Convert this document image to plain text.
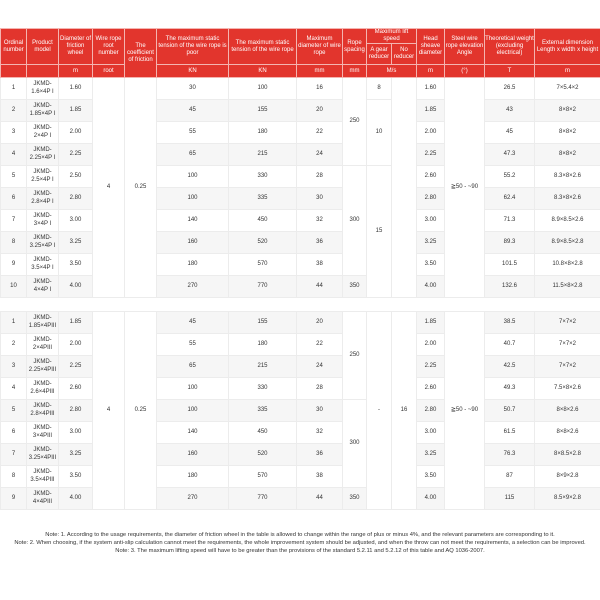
Ordinal number	Product model	Diameter of friction wheel	Wire rope root number	The coefficient of friction	The maximum static tension of the wire rope is poor	The maximum static tension of the wire rope	Maximum diameter of wire rope	Rope spacing	Maximum lift speed		Head sheave diameter	Steel wire rope elevation Angle	Theoretical weight (excluding electrical)	External dimension Length x width x height
									A gear reducer	No reducer				
		m	root		KN	KN	mm	mm	M/s		m	(°)	T	m
1	JKMD-1.6×4P I	1.60	4	0.25	30	100	16	250	8		1.60	≧50 - ~90	26.5	7×5.4×2
2	JKMD-1.85×4P I	1.85			45	155	20		10		1.85		43	8×8×2
3	JKMD-2×4P I	2.00			55	180	22				2.00		45	8×8×2
4	JKMD-2.25×4P I	2.25			65	215	24				2.25		47.3	8×8×2
5	JKMD-2.5×4P I	2.50			100	330	28	300	15		2.60		55.2	8.3×8×2.6
6	JKMD-2.8×4P I	2.80			100	335	30				2.80		62.4	8.3×8×2.6
7	JKMD-3×4P I	3.00			140	450	32				3.00		71.3	8.9×8.5×2.6
8	JKMD-3.25×4P I	3.25			160	520	36				3.25		89.3	8.9×8.5×2.8
9	JKMD-3.5×4P I	3.50			180	570	38				3.50		101.5	10.8×8×2.8
10	JKMD-4×4P I	4.00			270	770	44	350			4.00		132.6	11.5×8×2.8

1	JKMD-1.85×4PIII	1.85	4	0.25	45	155	20	250	-	16	1.85	≧50 - ~90	38.5	7×7×2
2	JKMD-2×4PIII	2.00			55	180	22				2.00		40.7	7×7×2
3	JKMD-2.25×4PIII	2.25			65	215	24				2.25		42.5	7×7×2
4	JKMD-2.6×4PIII	2.60			100	330	28				2.60		49.3	7.5×8×2.6
5	JKMD-2.8×4PIII	2.80			100	335	30	300			2.80		50.7	8×8×2.6
6	JKMD-3×4PIII	3.00			140	450	32				3.00		61.5	8×8×2.6
7	JKMD-3.25×4PIII	3.25			160	520	36				3.25		76.3	8×8.5×2.8
8	JKMD-3.5×4PIII	3.50			180	570	38				3.50		87	8×9×2.8
9	JKMD-4×4PIII	4.00			270	770	44	350			4.00		115	8.5×9×2.8

Note: 1. According to the usage requirements, the diameter of friction wheel in the table is allowed to change within the range of plus or minus 4%, and the relevant parameters are corresponding to it.

Note: 2. When choosing, if the system anti-slip calculation cannot meet the requirements, the whole improvement system should be adjusted, and when the throw can not meet the requirements, a selection can be improved.

Note: 3. The maximum lifting speed will have to be greater than the provisions of the standard 5.2.11 and 5.2.12 of this table and AQ 1036-2007.
